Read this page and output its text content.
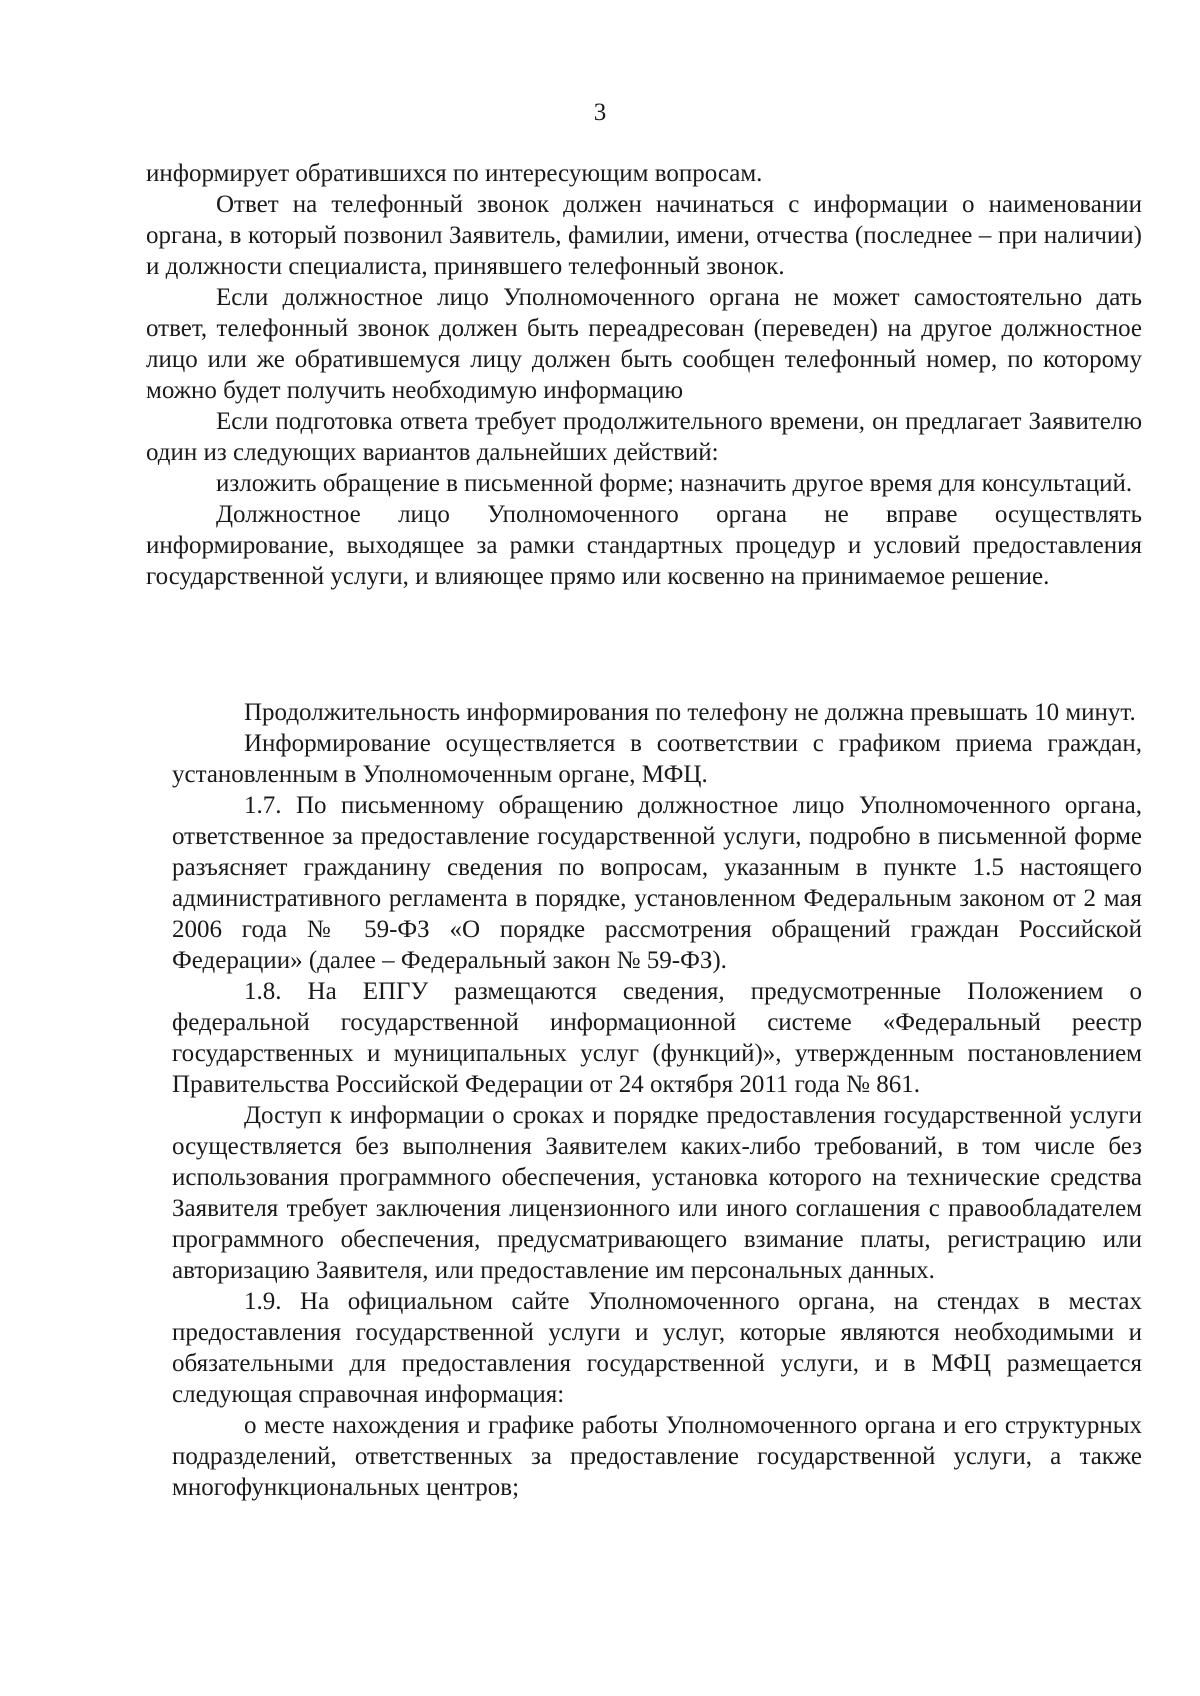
3

информирует обратившихся по интересующим вопросам.

Ответ на телефонный звонок должен начинаться с информации о наименовании органа, в который позвонил Заявитель, фамилии, имени, отчества (последнее – при наличии) и должности специалиста, принявшего телефонный звонок.

Если должностное лицо Уполномоченного органа не может самостоятельно дать ответ, телефонный звонок должен быть переадресован (переведен) на другое должностное лицо или же обратившемуся лицу должен быть сообщен телефонный номер, по которому можно будет получить необходимую информацию

Если подготовка ответа требует продолжительного времени, он предлагает Заявителю один из следующих вариантов дальнейших действий:

изложить обращение в письменной форме; назначить другое время для консультаций.

Должностное лицо Уполномоченного органа не вправе осуществлять информирование, выходящее за рамки стандартных процедур и условий предоставления государственной услуги, и влияющее прямо или косвенно на принимаемое решение.

Продолжительность информирования по телефону не должна превышать 10 минут.

Информирование осуществляется в соответствии с графиком приема граждан, установленным в Уполномоченным органе, МФЦ.

1.7. По письменному обращению должностное лицо Уполномоченного органа, ответственное за предоставление государственной услуги, подробно в письменной форме разъясняет гражданину сведения по вопросам, указанным в пункте 1.5 настоящего административного регламента в порядке, установленном Федеральным законом от 2 мая 2006 года № 59-ФЗ «О порядке рассмотрения обращений граждан Российской Федерации» (далее – Федеральный закон № 59-ФЗ).

1.8. На ЕПГУ размещаются сведения, предусмотренные Положением о федеральной государственной информационной системе «Федеральный реестр государственных и муниципальных услуг (функций)», утвержденным постановлением Правительства Российской Федерации от 24 октября 2011 года № 861.

Доступ к информации о сроках и порядке предоставления государственной услуги осуществляется без выполнения Заявителем каких-либо требований, в том числе без использования программного обеспечения, установка которого на технические средства Заявителя требует заключения лицензионного или иного соглашения с правообладателем программного обеспечения, предусматривающего взимание платы, регистрацию или авторизацию Заявителя, или предоставление им персональных данных.

1.9. На официальном сайте Уполномоченного органа, на стендах в местах предоставления государственной услуги и услуг, которые являются необходимыми и обязательными для предоставления государственной услуги, и в МФЦ размещается следующая справочная информация:

о месте нахождения и графике работы Уполномоченного органа и его структурных подразделений, ответственных за предоставление государственной услуги, а также многофункциональных центров;
